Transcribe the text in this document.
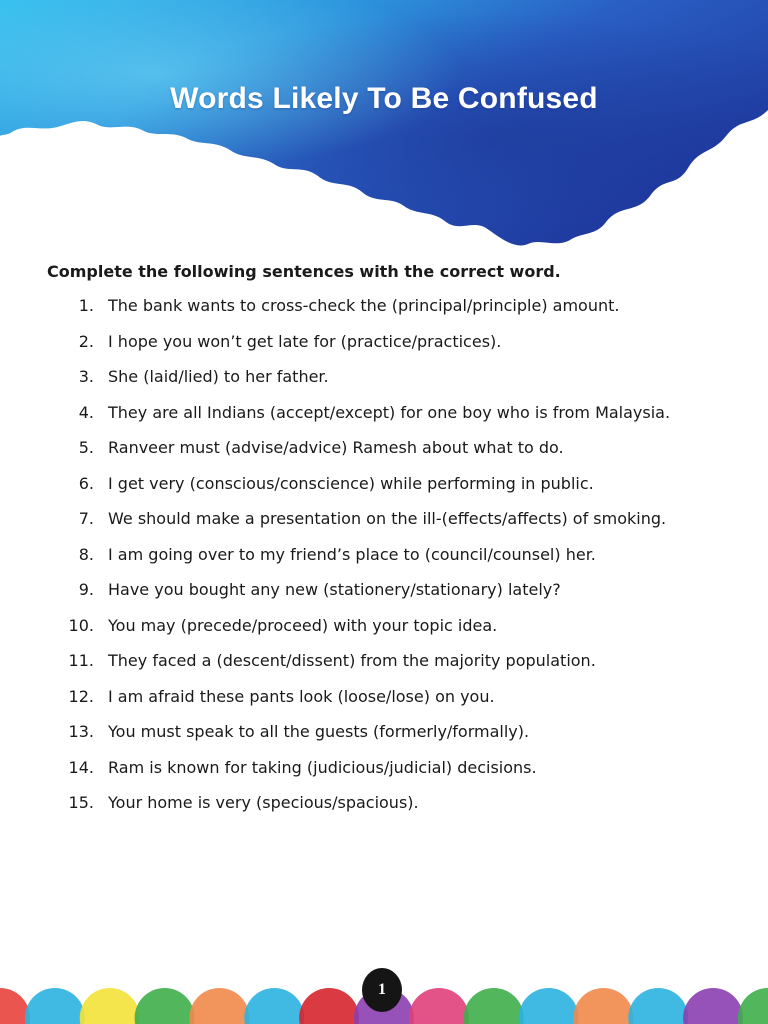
Words Likely To Be Confused

Complete the following sentences with the correct word.

1. The bank wants to cross-check the (principal/principle) amount.
2. I hope you won’t get late for (practice/practices).
3. She (laid/lied) to her father.
4. They are all Indians (accept/except) for one boy who is from Malaysia.
5. Ranveer must (advise/advice) Ramesh about what to do.
6. I get very (conscious/conscience) while performing in public.
7. We should make a presentation on the ill-(effects/affects) of smoking.
8. I am going over to my friend’s place to (council/counsel) her.
9. Have you bought any new (stationery/stationary) lately?
10. You may (precede/proceed) with your topic idea.
11. They faced a (descent/dissent) from the majority population.
12. I am afraid these pants look (loose/lose) on you.
13. You must speak to all the guests (formerly/formally).
14. Ram is known for taking (judicious/judicial) decisions.
15. Your home is very (specious/spacious).
1
